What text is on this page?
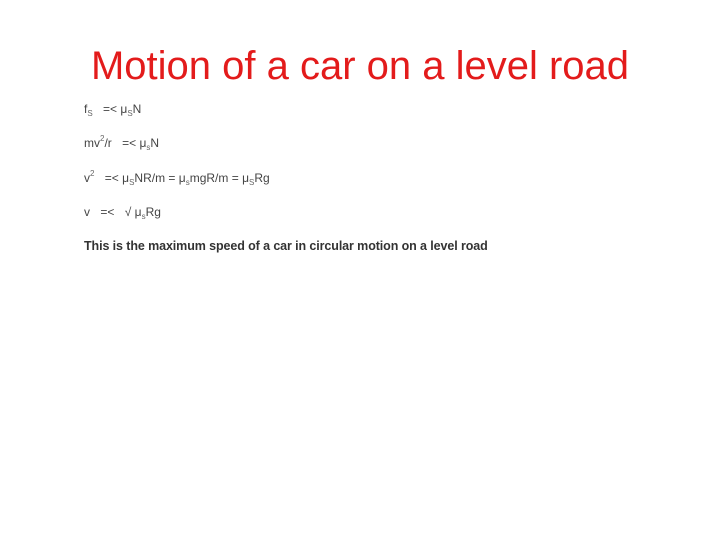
Motion of a car on a level road
$f_S =< \mu_SN$
$mv^2/r =< \mu_sN$
$v^2 =< \mu_SNR/m = \mu_smgR/m = \mu_SRg$
v =< √ $\mu_sRg$
This is the maximum speed of a car in circular motion on a level road
